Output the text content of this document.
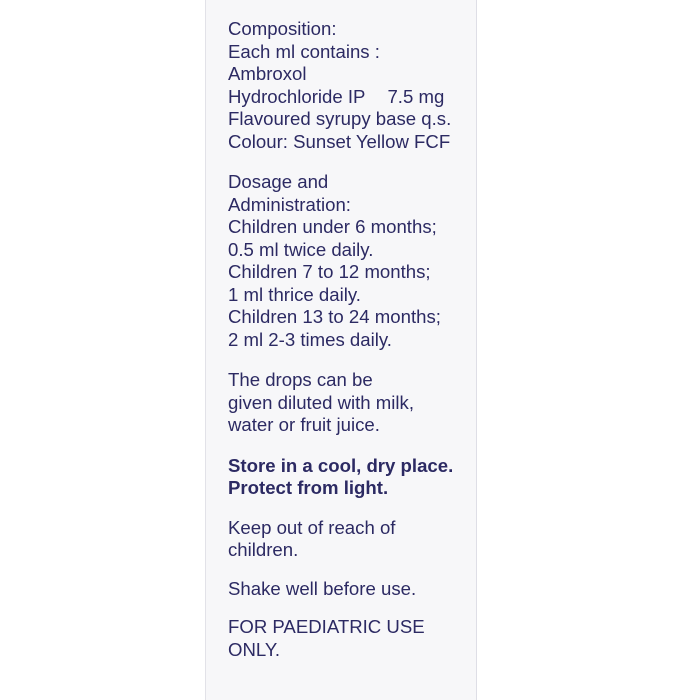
Composition:
Each ml contains :
Ambroxol
Hydrochloride IP 7.5 mg
Flavoured syrupy base q.s.
Colour: Sunset Yellow FCF
Dosage and
Administration:
Children under 6 months;
0.5 ml twice daily.
Children 7 to 12 months;
1 ml thrice daily.
Children 13 to 24 months;
2 ml 2-3 times daily.
The drops can be
given diluted with milk,
water or fruit juice.
Store in a cool, dry place.
Protect from light.
Keep out of reach of
children.
Shake well before use.
FOR PAEDIATRIC USE
ONLY.
